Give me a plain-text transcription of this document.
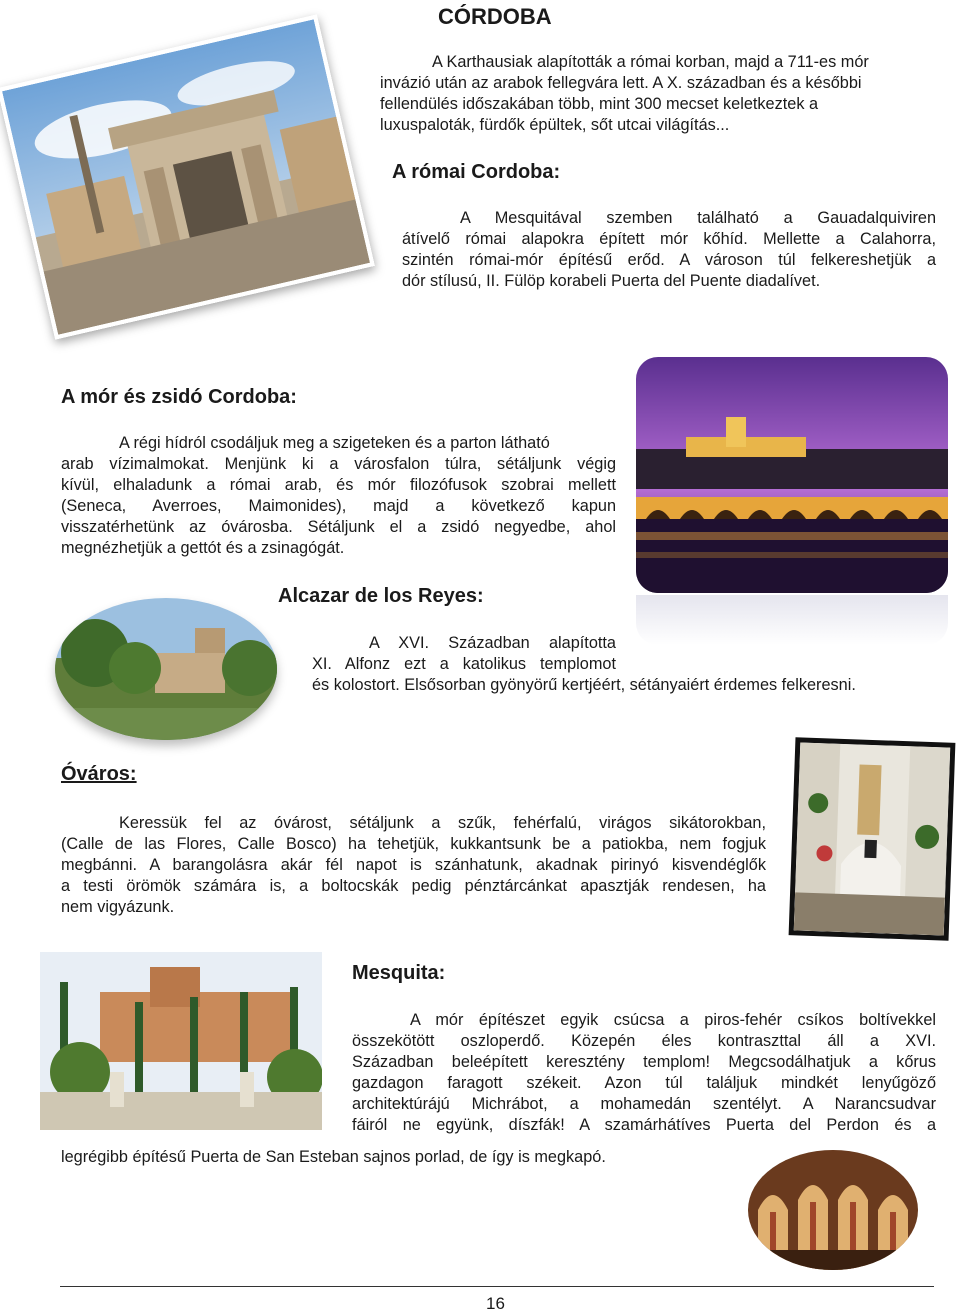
CÓRDOBA

A Karthausiak alapították a római korban, majd a 711-es mór
invázió után az arabok fellegvára lett. A X. században és a későbbi
fellendülés időszakában több, mint 300 mecset keletkeztek a
luxuspaloták, fürdők épültek, sőt utcai világítás...

A római Cordoba:

A Mesquitával szemben található a Gauadalquiviren
átívelő római alapokra épített mór kőhíd. Mellette a Calahorra,
szintén római-mór építésű erőd. A városon túl felkereshetjük a
dór stílusú, II. Fülöp korabeli Puerta del Puente diadalívet.

A mór és zsidó Cordoba:

A régi hídról csodáljuk meg a szigeteken és a parton látható
arab vízimalmokat. Menjünk ki a városfalon túlra, sétáljunk végig
kívül, elhaladunk a római arab, és mór filozófusok szobrai mellett
(Seneca, Averroes, Maimonides), majd a következő kapun
visszatérhetünk az óvárosba. Sétáljunk el a zsidó negyedbe, ahol
megnézhetjük a gettót és a zsinagógát.

Alcazar de los Reyes:

A XVI. Században alapította
XI. Alfonz ezt a katolikus templomot
és kolostort. Elsősorban gyönyörű kertjéért, sétányaiért érdemes felkeresni.

Óváros:

Keressük fel az óvárost, sétáljunk a szűk, fehérfalú, virágos sikátorokban,
(Calle de las Flores, Calle Bosco) ha tehetjük, kukkantsunk be a patiokba, nem fogjuk
megbánni. A barangolásra akár fél napot is szánhatunk, akadnak pirinyó kisvendéglők
a testi örömök számára is, a boltocskák pedig pénztárcánkat apasztják rendesen, ha
nem vigyázunk.

Mesquita:

A mór építészet egyik csúcsa a piros-fehér csíkos boltívekkel
összekötött oszloperdő. Közepén éles kontraszttal áll a XVI.
Században beleépített keresztény templom! Megcsodálhatjuk a kőrus
gazdagon faragott székeit. Azon túl találjuk mindkét lenyűgöző
architektúrájú Michrábot, a mohamedán szentélyt. A Narancsudvar
fáiról ne együnk, díszfák! A szamárhátíves Puerta del Perdon és a

legrégibb építésű Puerta de San Esteban sajnos porlad, de így is megkapó.
16
